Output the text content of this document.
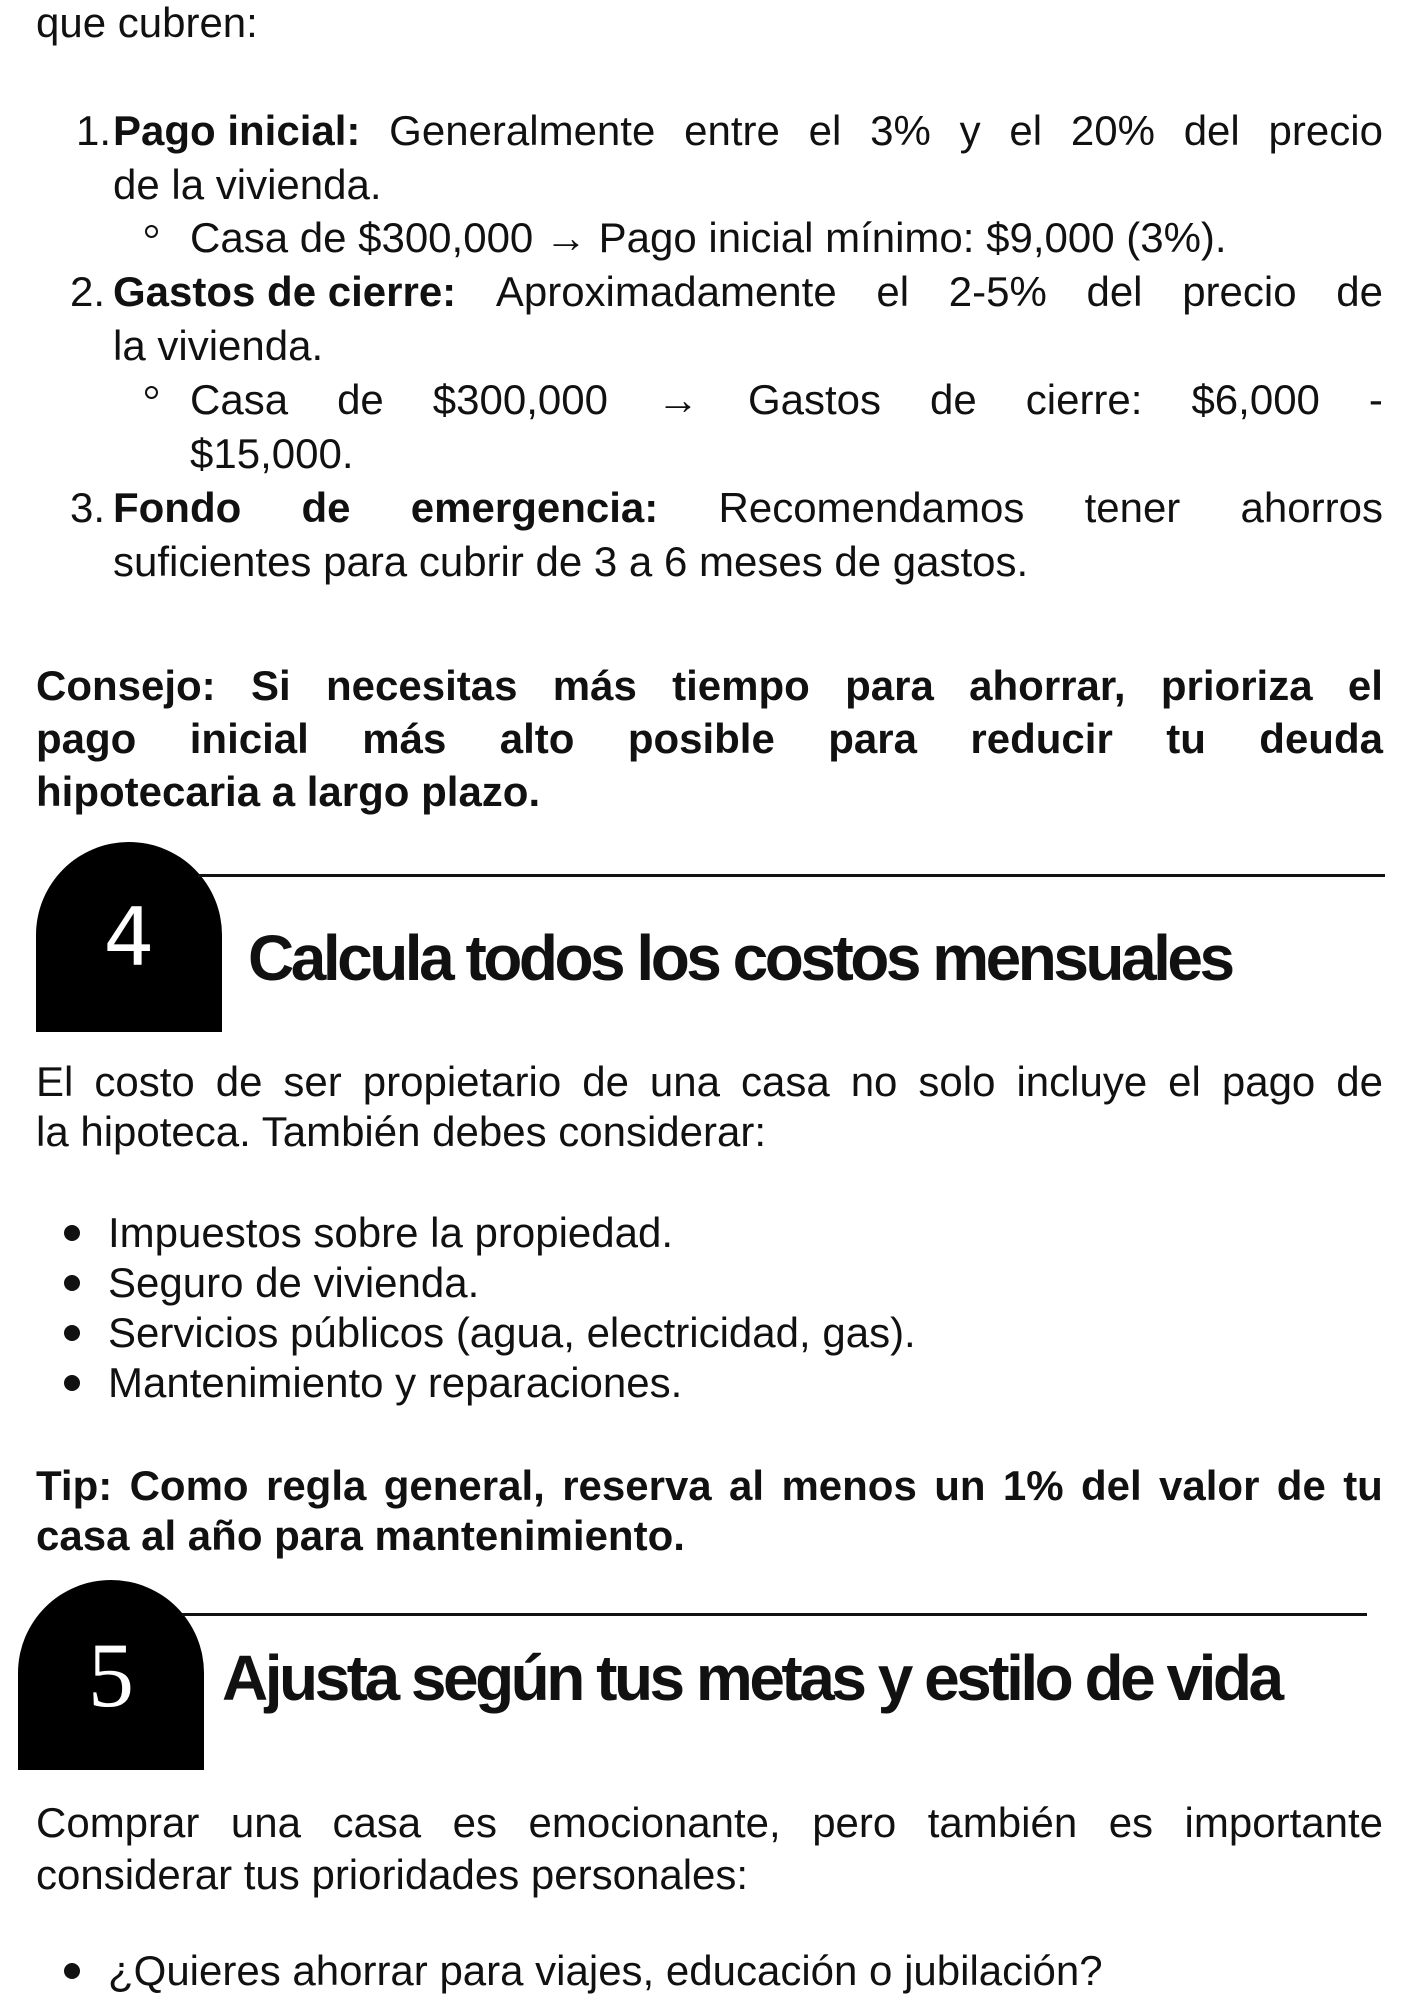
que cubren:
1. Pago inicial: Generalmente entre el 3% y el 20% del precio
de la vivienda.
Casa de $300,000 → Pago inicial mínimo: $9,000 (3%).
2. Gastos de cierre: Aproximadamente el 2-5% del precio de
la vivienda.
Casa de $300,000 → Gastos de cierre: $6,000 -
$15,000.
3. Fondo de emergencia: Recomendamos tener ahorros
suficientes para cubrir de 3 a 6 meses de gastos.
Consejo: Si necesitas más tiempo para ahorrar, prioriza el
pago inicial más alto posible para reducir tu deuda
hipotecaria a largo plazo.
4 Calcula todos los costos mensuales
El costo de ser propietario de una casa no solo incluye el pago de
la hipoteca. También debes considerar:
Impuestos sobre la propiedad.
Seguro de vivienda.
Servicios públicos (agua, electricidad, gas).
Mantenimiento y reparaciones.
Tip: Como regla general, reserva al menos un 1% del valor de tu
casa al año para mantenimiento.
5 Ajusta según tus metas y estilo de vida
Comprar una casa es emocionante, pero también es importante
considerar tus prioridades personales:
¿Quieres ahorrar para viajes, educación o jubilación?
